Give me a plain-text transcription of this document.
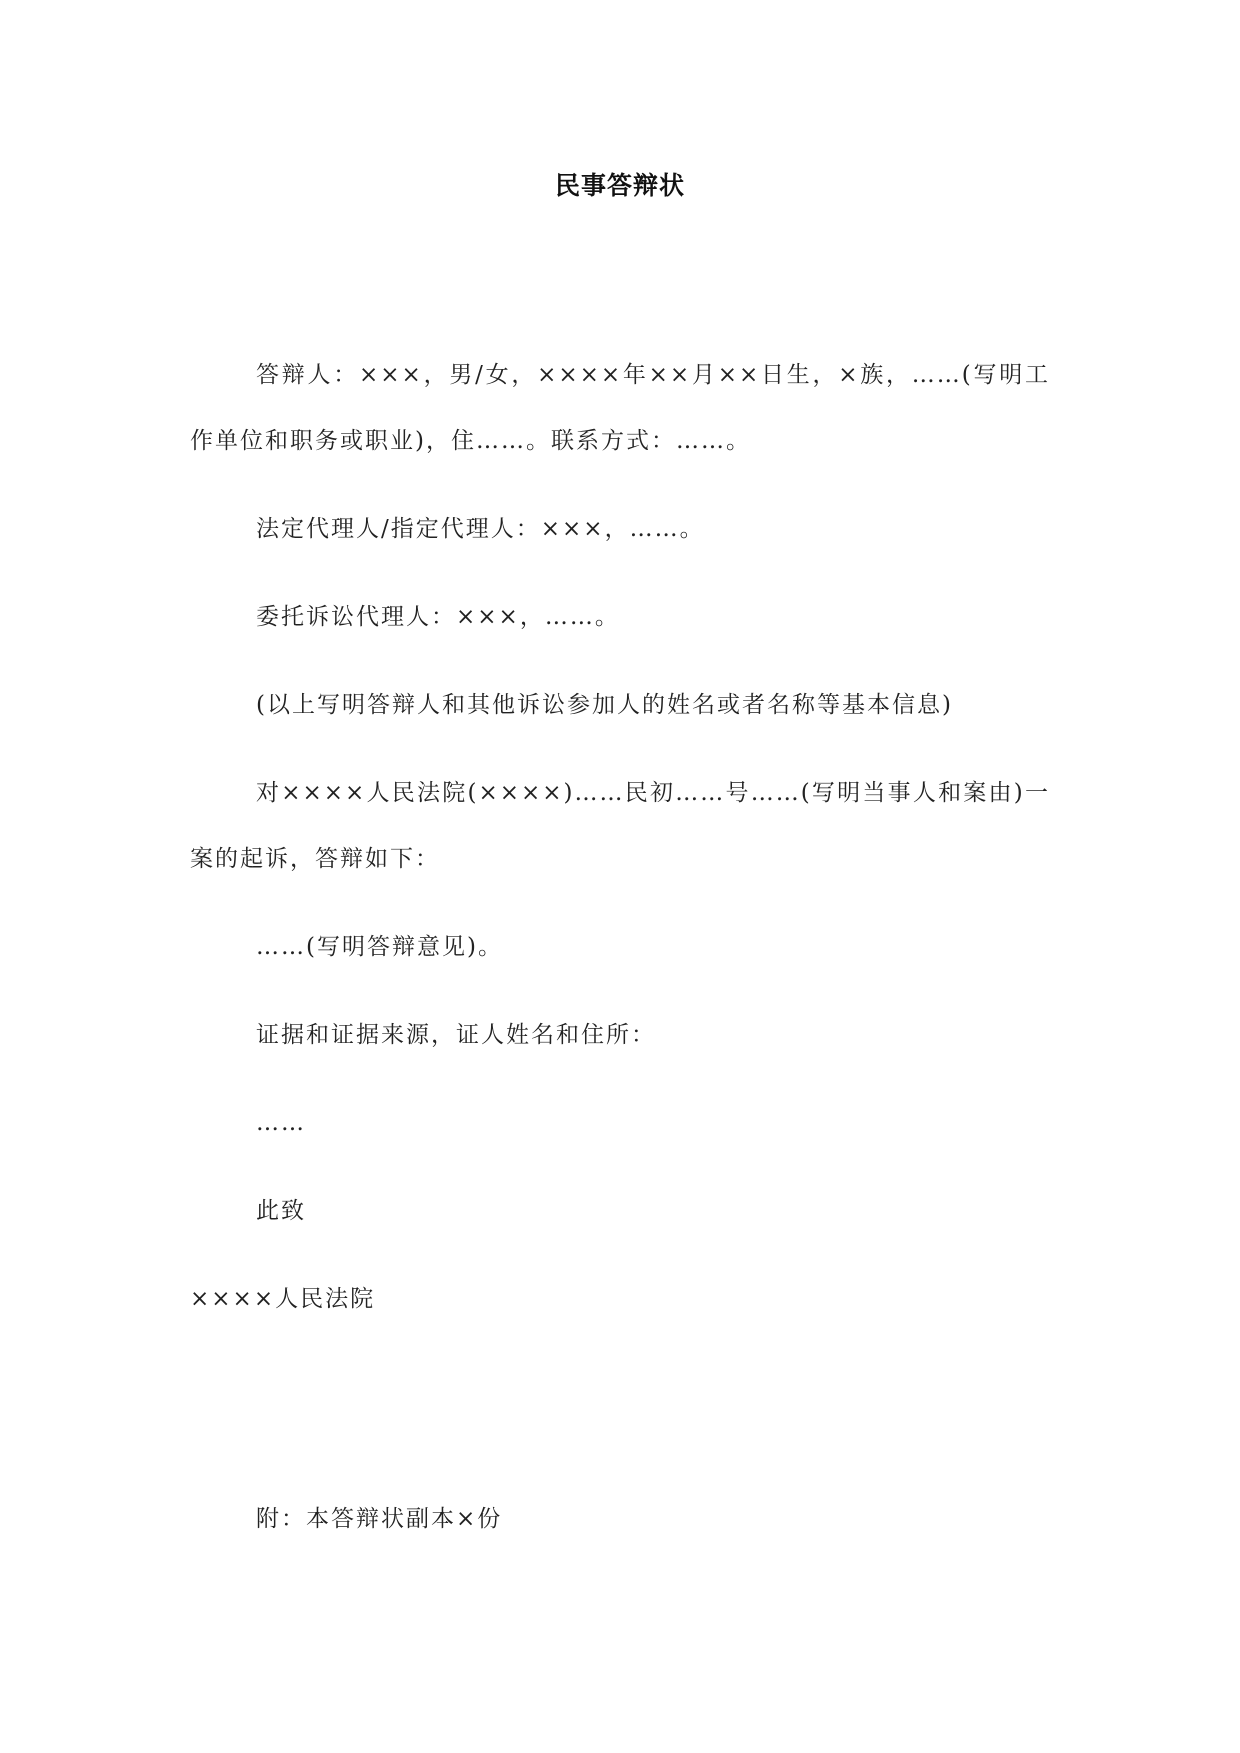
民事答辩状

答辩人：×××，男/女，××××年××月××日生，×族，……(写明工作单位和职务或职业)，住……。联系方式：……。

法定代理人/指定代理人：×××，……。

委托诉讼代理人：×××，……。

(以上写明答辩人和其他诉讼参加人的姓名或者名称等基本信息)

对××××人民法院(××××)……民初……号……(写明当事人和案由)一案的起诉，答辩如下：

……(写明答辩意见)。

证据和证据来源，证人姓名和住所：

……

此致

××××人民法院

附：本答辩状副本×份
